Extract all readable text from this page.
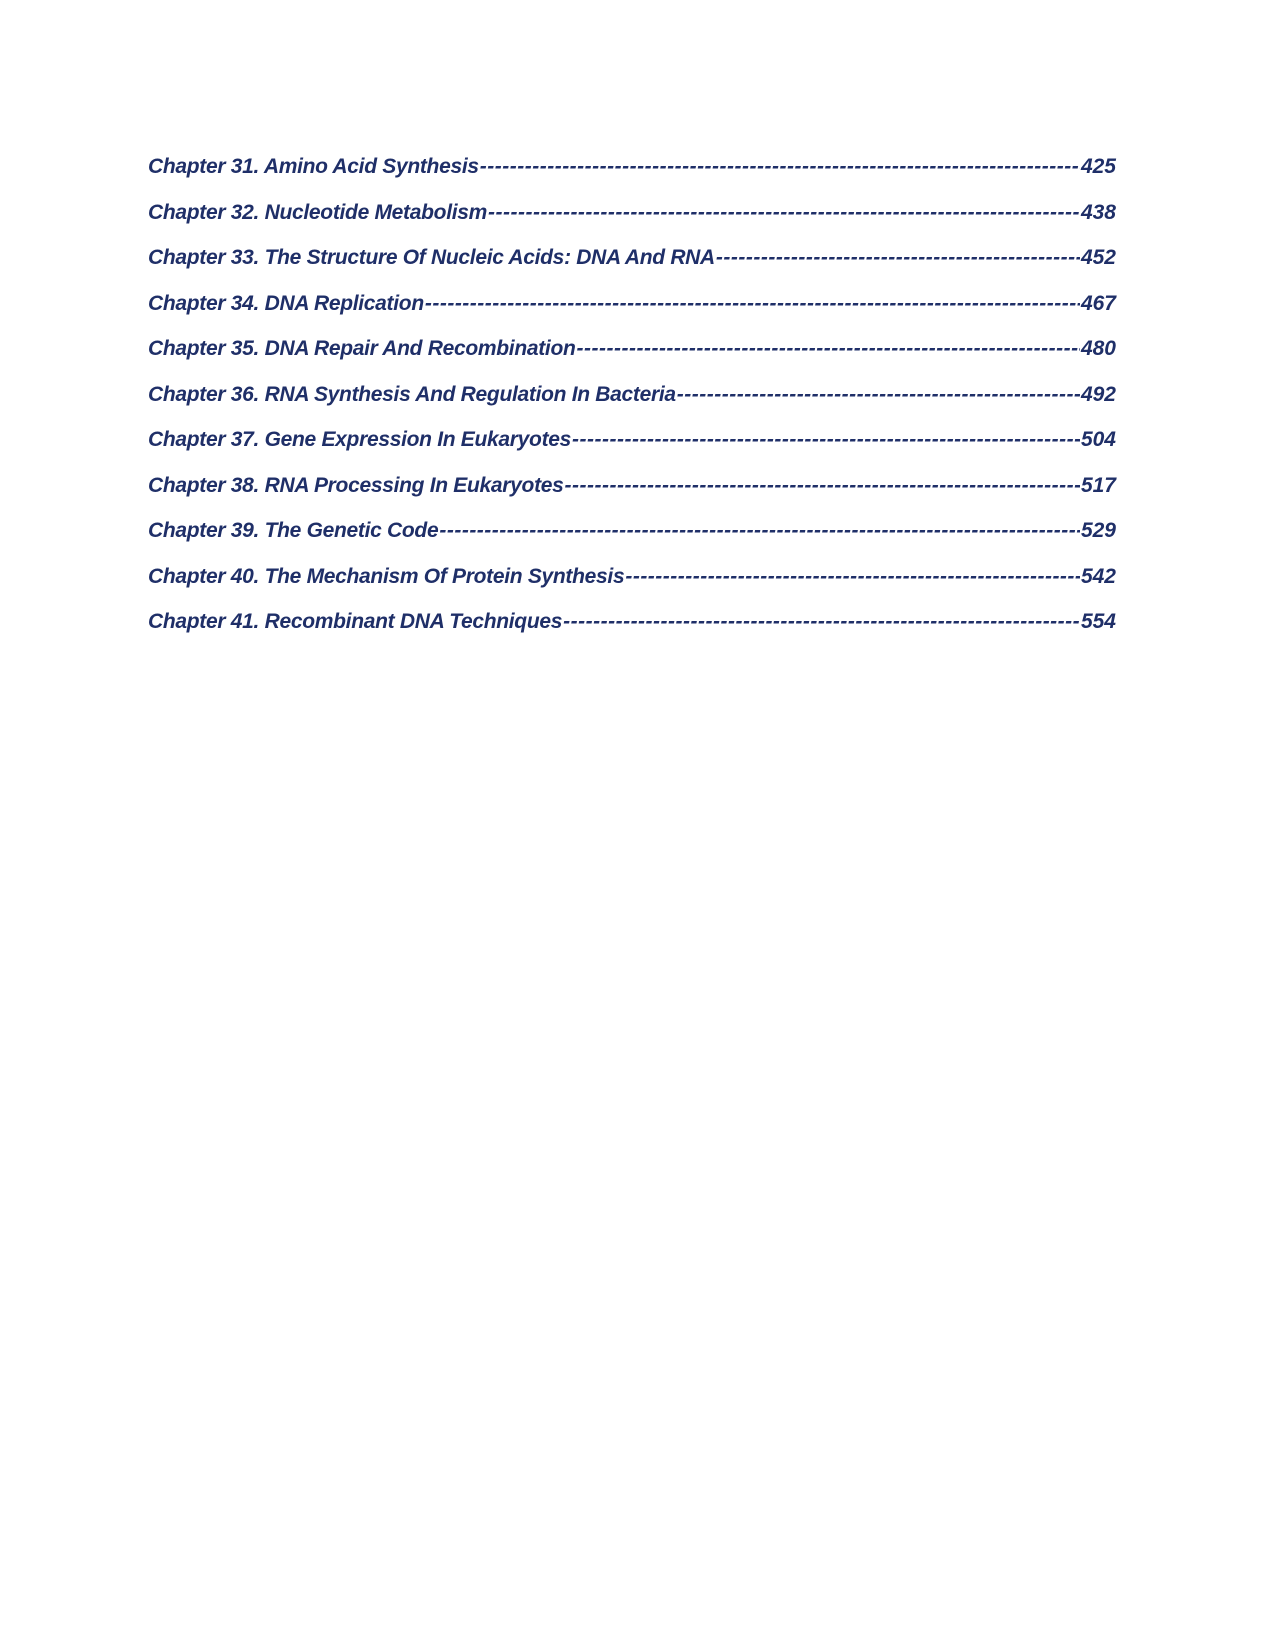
Chapter 31. Amino Acid Synthesis -----	425
Chapter 32. Nucleotide Metabolism -----	438
Chapter 33. The Structure Of Nucleic Acids: DNA And RNA -----	452
Chapter 34. DNA Replication -----	467
Chapter 35. DNA Repair And Recombination -----	480
Chapter 36. RNA Synthesis And Regulation In Bacteria -----	492
Chapter 37. Gene Expression In Eukaryotes -----	504
Chapter 38. RNA Processing In Eukaryotes -----	517
Chapter 39. The Genetic Code -----	529
Chapter 40. The Mechanism Of Protein Synthesis -----	542
Chapter 41. Recombinant DNA Techniques -----	554
